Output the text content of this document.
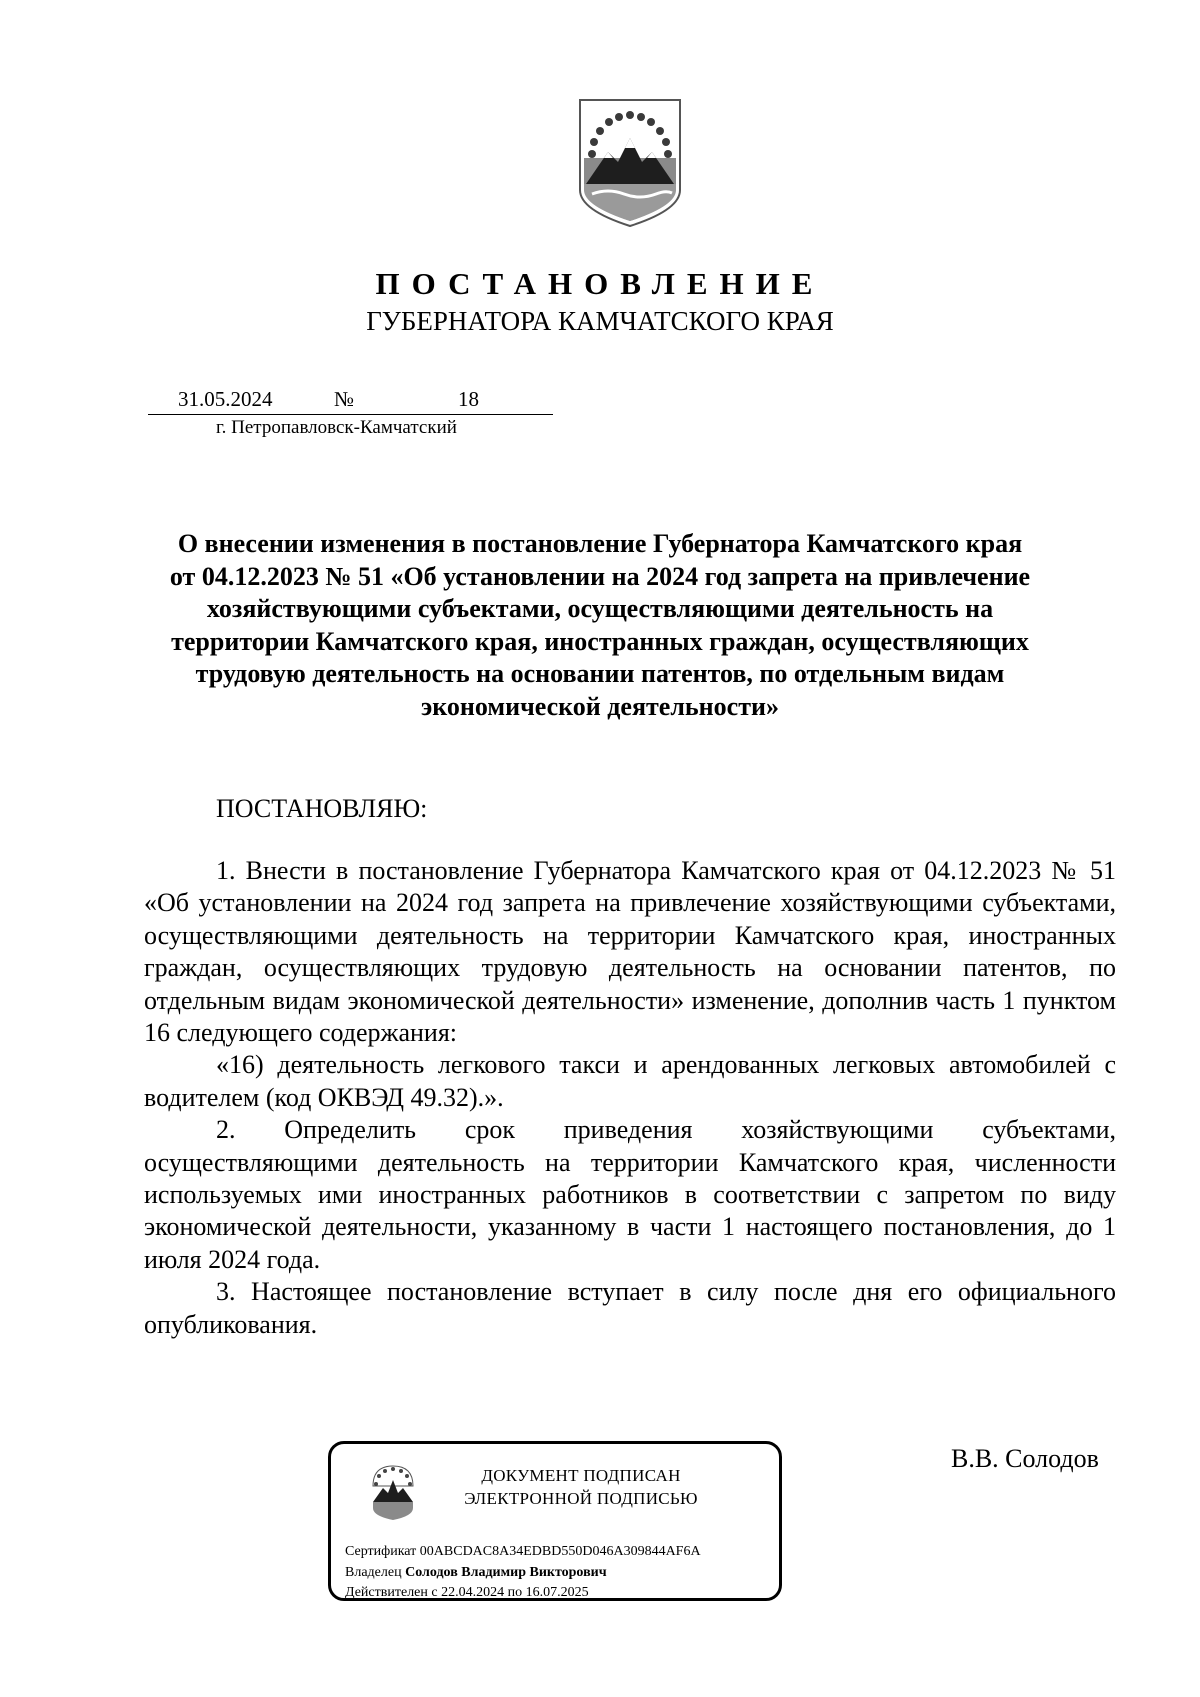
ПОСТАНОВЛЕНИЕ
ГУБЕРНАТОРА КАМЧАТСКОГО КРАЯ
31.05.2024	№	18
г. Петропавловск-Камчатский

О внесении изменения в постановление Губернатора Камчатского края

от 04.12.2023 № 51 «Об установлении на 2024 год запрета на привлечение

хозяйствующими субъектами, осуществляющими деятельность на

территории Камчатского края, иностранных граждан, осуществляющих

трудовую деятельность на основании патентов, по отдельным видам

экономической деятельности»

ПОСТАНОВЛЯЮ:

1. Внести в постановление Губернатора Камчатского края от 04.12.2023 № 51 «Об установлении на 2024 год запрета на привлечение хозяйствующими субъектами, осуществляющими деятельность на территории Камчатского края, иностранных граждан, осуществляющих трудовую деятельность на основании патентов, по отдельным видам экономической деятельности» изменение, дополнив часть 1 пунктом 16 следующего содержания:

«16) деятельность легкового такси и арендованных легковых автомобилей с водителем (код ОКВЭД 49.32).».

2. Определить срок приведения хозяйствующими субъектами, осуществляющими деятельность на территории Камчатского края, численности используемых ими иностранных работников в соответствии с запретом по виду экономической деятельности, указанному в части 1 настоящего постановления, до 1 июля 2024 года.

3. Настоящее постановление вступает в силу после дня его официального опубликования.

ДОКУМЕНТ ПОДПИСАН
ЭЛЕКТРОННОЙ ПОДПИСЬЮ
Сертификат 00ABCDAC8A34EDBD550D046A309844AF6A
Владелец Солодов Владимир Викторович
Действителен с 22.04.2024 по 16.07.2025
В.В. Солодов
